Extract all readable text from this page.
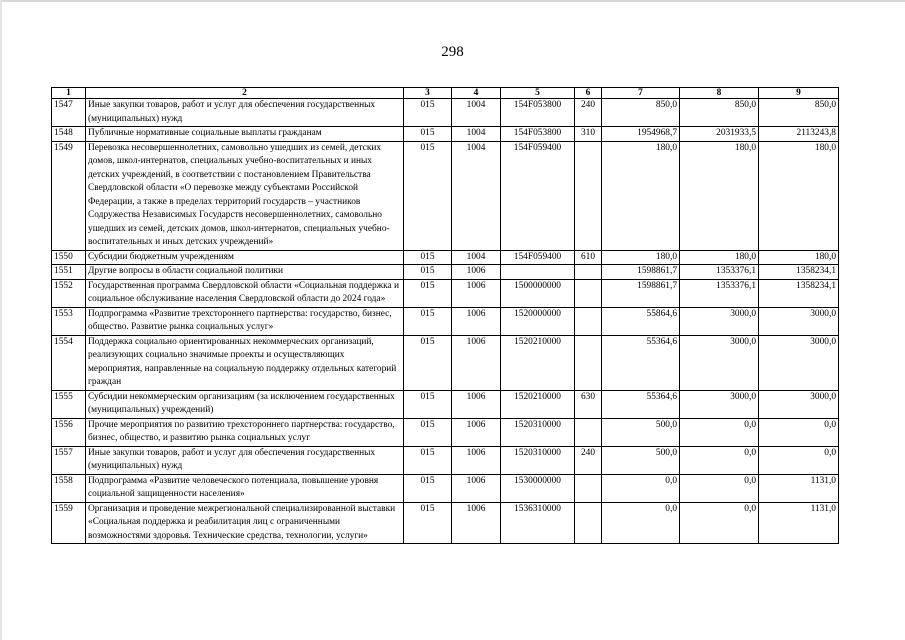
298
1	2	3	4	5	6	7	8	9
1547	Иные закупки товаров, работ и услуг для обеспечения государственных (муниципальных) нужд	015	1004	154F053800	240	850,0	850,0	850,0
1548	Публичные нормативные социальные выплаты гражданам	015	1004	154F053800	310	1954968,7	2031933,5	2113243,8
1549	Перевозка несовершеннолетних, самовольно ушедших из семей, детских домов, школ-интернатов, специальных учебно-воспитательных и иных детских учреждений, в соответствии с постановлением Правительства Свердловской области «О перевозке между субъектами Российской Федерации, а также в пределах территорий государств – участников Содружества Независимых Государств несовершеннолетних, самовольно ушедших из семей, детских домов, школ-интернатов, специальных учебно-воспитательных и иных детских учреждений»	015	1004	154F059400		180,0	180,0	180,0
1550	Субсидии бюджетным учреждениям	015	1004	154F059400	610	180,0	180,0	180,0
1551	Другие вопросы в области социальной политики	015	1006			1598861,7	1353376,1	1358234,1
1552	Государственная программа Свердловской области «Социальная поддержка и социальное обслуживание населения Свердловской области до 2024 года»	015	1006	1500000000		1598861,7	1353376,1	1358234,1
1553	Подпрограмма «Развитие трехстороннего партнерства: государство, бизнес, общество. Развитие рынка социальных услуг»	015	1006	1520000000		55864,6	3000,0	3000,0
1554	Поддержка социально ориентированных некоммерческих организаций, реализующих социально значимые проекты и осуществляющих мероприятия, направленные на социальную поддержку отдельных категорий граждан	015	1006	1520210000		55364,6	3000,0	3000,0
1555	Субсидии некоммерческим организациям (за исключением государственных (муниципальных) учреждений)	015	1006	1520210000	630	55364,6	3000,0	3000,0
1556	Прочие мероприятия по развитию трехстороннего партнерства: государство, бизнес, общество, и развитию рынка социальных услуг	015	1006	1520310000		500,0	0,0	0,0
1557	Иные закупки товаров, работ и услуг для обеспечения государственных (муниципальных) нужд	015	1006	1520310000	240	500,0	0,0	0,0
1558	Подпрограмма «Развитие человеческого потенциала, повышение уровня социальной защищенности населения»	015	1006	1530000000		0,0	0,0	1131,0
1559	Организация и проведение межрегиональной специализированной выставки «Социальная поддержка и реабилитация лиц с ограниченными возможностями здоровья. Технические средства, технологии, услуги»	015	1006	1536310000		0,0	0,0	1131,0
